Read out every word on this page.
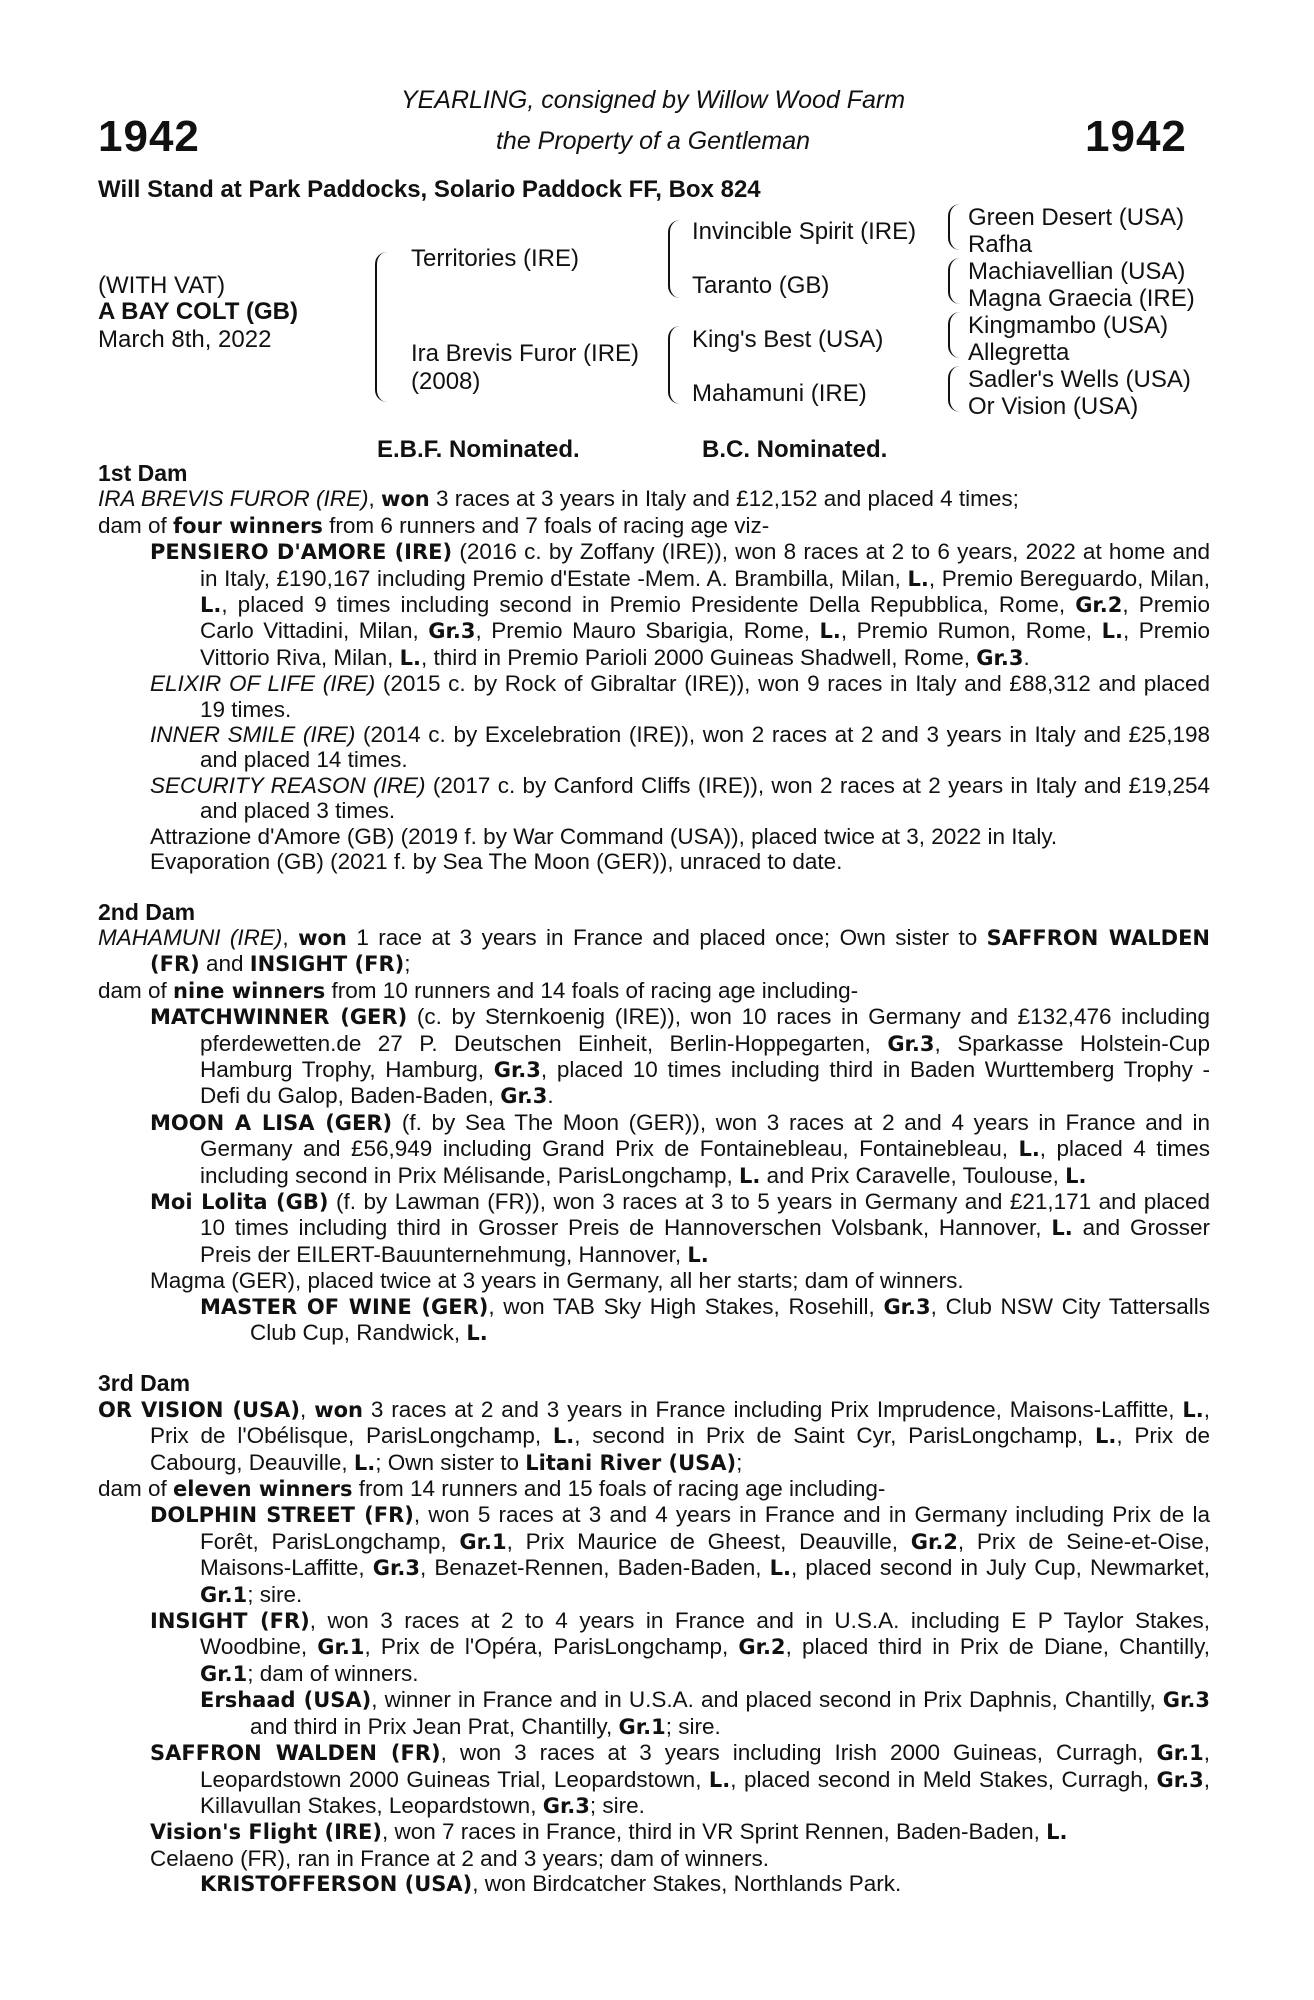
1942	1942
YEARLING, consigned by Willow Wood Farm
the Property of a Gentleman
Will Stand at Park Paddocks, Solario Paddock FF, Box 824
(WITH VAT)
A BAY COLT (GB)
March 8th, 2022
Territories (IRE)
Ira Brevis Furor (IRE)
(2008)
Invincible Spirit (IRE)
Taranto (GB)
King's Best (USA)
Mahamuni (IRE)
Green Desert (USA)
Rafha
Machiavellian (USA)
Magna Graecia (IRE)
Kingmambo (USA)
Allegretta
Sadler's Wells (USA)
Or Vision (USA)
E.B.F. Nominated.	B.C. Nominated.

1st Dam

IRA BREVIS FUROR (IRE), won 3 races at 3 years in Italy and £12,152 and placed 4 times;

dam of four winners from 6 runners and 7 foals of racing age viz-

PENSIERO D'AMORE (IRE) (2016 c. by Zoffany (IRE)), won 8 races at 2 to 6 years, 2022 at home and in Italy, £190,167 including Premio d'Estate -Mem. A. Brambilla, Milan, L., Premio Bereguardo, Milan, L., placed 9 times including second in Premio Presidente Della Repubblica, Rome, Gr.2, Premio Carlo Vittadini, Milan, Gr.3, Premio Mauro Sbarigia, Rome, L., Premio Rumon, Rome, L., Premio Vittorio Riva, Milan, L., third in Premio Parioli 2000 Guineas Shadwell, Rome, Gr.3.

ELIXIR OF LIFE (IRE) (2015 c. by Rock of Gibraltar (IRE)), won 9 races in Italy and £88,312 and placed 19 times.

INNER SMILE (IRE) (2014 c. by Excelebration (IRE)), won 2 races at 2 and 3 years in Italy and £25,198 and placed 14 times.

SECURITY REASON (IRE) (2017 c. by Canford Cliffs (IRE)), won 2 races at 2 years in Italy and £19,254 and placed 3 times.

Attrazione d'Amore (GB) (2019 f. by War Command (USA)), placed twice at 3, 2022 in Italy.

Evaporation (GB) (2021 f. by Sea The Moon (GER)), unraced to date.

2nd Dam

MAHAMUNI (IRE), won 1 race at 3 years in France and placed once; Own sister to SAFFRON WALDEN (FR) and INSIGHT (FR);

dam of nine winners from 10 runners and 14 foals of racing age including-

MATCHWINNER (GER) (c. by Sternkoenig (IRE)), won 10 races in Germany and £132,476 including pferdewetten.de 27 P. Deutschen Einheit, Berlin-Hoppegarten, Gr.3, Sparkasse Holstein-Cup Hamburg Trophy, Hamburg, Gr.3, placed 10 times including third in Baden Wurttemberg Trophy - Defi du Galop, Baden-Baden, Gr.3.

MOON A LISA (GER) (f. by Sea The Moon (GER)), won 3 races at 2 and 4 years in France and in Germany and £56,949 including Grand Prix de Fontainebleau, Fontainebleau, L., placed 4 times including second in Prix Mélisande, ParisLongchamp, L. and Prix Caravelle, Toulouse, L.

Moi Lolita (GB) (f. by Lawman (FR)), won 3 races at 3 to 5 years in Germany and £21,171 and placed 10 times including third in Grosser Preis de Hannoverschen Volsbank, Hannover, L. and Grosser Preis der EILERT-Bauunternehmung, Hannover, L.

Magma (GER), placed twice at 3 years in Germany, all her starts; dam of winners.

MASTER OF WINE (GER), won TAB Sky High Stakes, Rosehill, Gr.3, Club NSW City Tattersalls Club Cup, Randwick, L.

3rd Dam

OR VISION (USA), won 3 races at 2 and 3 years in France including Prix Imprudence, Maisons-Laffitte, L., Prix de l'Obélisque, ParisLongchamp, L., second in Prix de Saint Cyr, ParisLongchamp, L., Prix de Cabourg, Deauville, L.; Own sister to Litani River (USA);

dam of eleven winners from 14 runners and 15 foals of racing age including-

DOLPHIN STREET (FR), won 5 races at 3 and 4 years in France and in Germany including Prix de la Forêt, ParisLongchamp, Gr.1, Prix Maurice de Gheest, Deauville, Gr.2, Prix de Seine-et-Oise, Maisons-Laffitte, Gr.3, Benazet-Rennen, Baden-Baden, L., placed second in July Cup, Newmarket, Gr.1; sire.

INSIGHT (FR), won 3 races at 2 to 4 years in France and in U.S.A. including E P Taylor Stakes, Woodbine, Gr.1, Prix de l'Opéra, ParisLongchamp, Gr.2, placed third in Prix de Diane, Chantilly, Gr.1; dam of winners.

Ershaad (USA), winner in France and in U.S.A. and placed second in Prix Daphnis, Chantilly, Gr.3 and third in Prix Jean Prat, Chantilly, Gr.1; sire.

SAFFRON WALDEN (FR), won 3 races at 3 years including Irish 2000 Guineas, Curragh, Gr.1, Leopardstown 2000 Guineas Trial, Leopardstown, L., placed second in Meld Stakes, Curragh, Gr.3, Killavullan Stakes, Leopardstown, Gr.3; sire.

Vision's Flight (IRE), won 7 races in France, third in VR Sprint Rennen, Baden-Baden, L.

Celaeno (FR), ran in France at 2 and 3 years; dam of winners.

KRISTOFFERSON (USA), won Birdcatcher Stakes, Northlands Park.
